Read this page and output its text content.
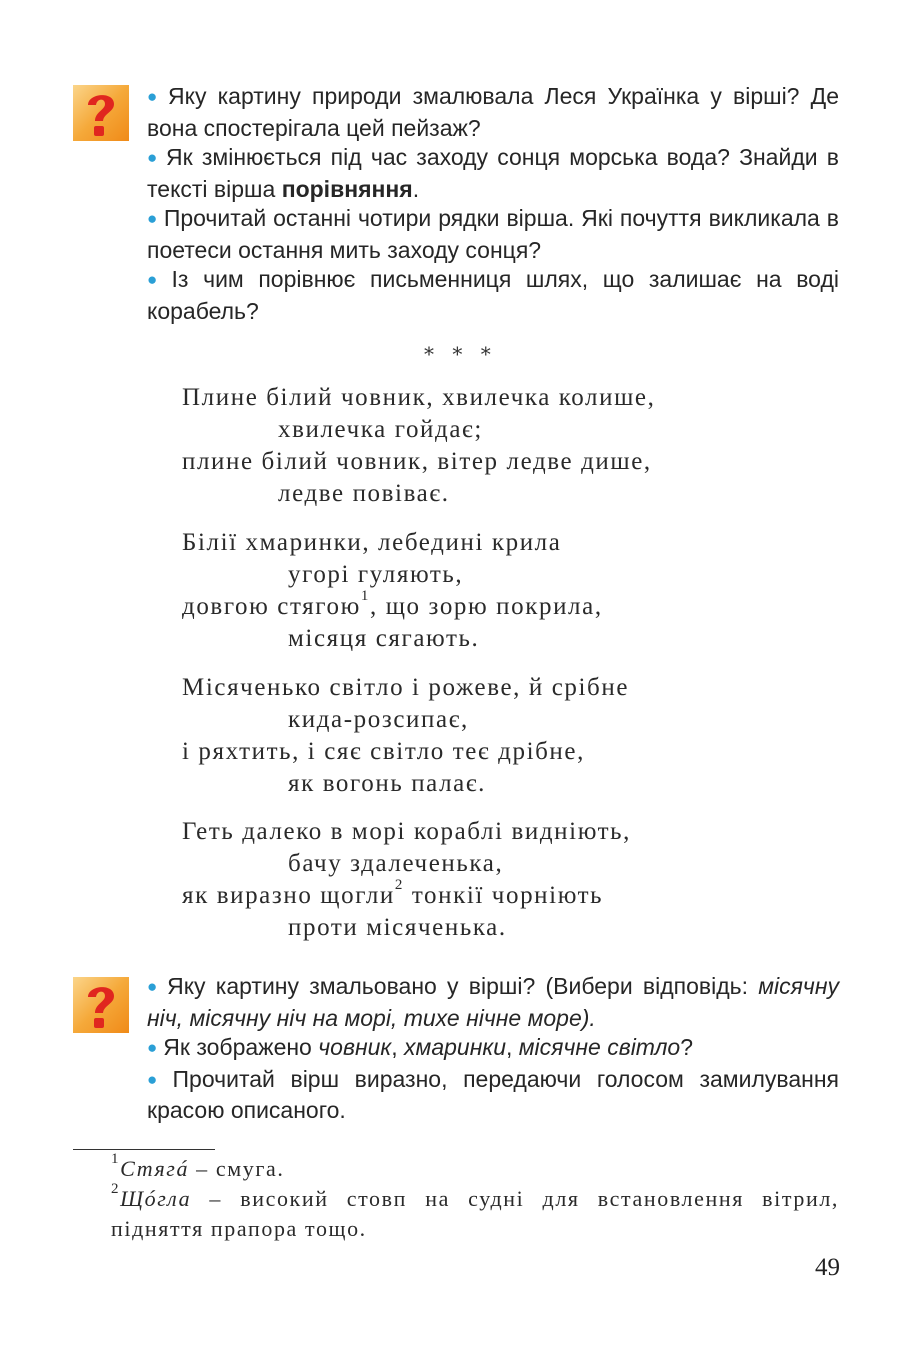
● Яку картину природи змалювала Леся Українка у вірші? Де вона спостерігала цей пейзаж?

● Як змінюється під час заходу сонця морська вода? Знайди в тексті вірша порівняння.

● Прочитай останні чотири рядки вірша. Які почуття викликала в поетеси остання мить заходу сонця?

● Із чим порівнює письменниця шлях, що залишає на воді корабель?

* * *
Плине білий човник, хвилечка колише,
хвилечка гойдає;
плине білий човник, вітер ледве дише,
ледве повіває.
Білії хмаринки, лебедині крила
угорі гуляють,
довгою стягою$^1$, що зорю покрила,
місяця сягають.
Місяченько світло і рожеве, й срібне
кида-розсипає,
і ряхтить, і сяє світло теє дрібне,
як вогонь палає.
Геть далеко в морі кораблі видніють,
бачу здалеченька,
як виразно щогли$^2$ тонкії чорніють
проти місяченька.

● Яку картину змальовано у вірші? (Вибери відповідь: місячну ніч, місячну ніч на морі, тихе нічне море).

● Як зображено човник, хмаринки, місячне світло?

● Прочитай вірш виразно, передаючи голосом замилування красою описаного.

$^1$Стягá – смуга.

$^2$Щóгла – високий стовп на судні для встановлення вітрил, підняття прапора тощо.

49
